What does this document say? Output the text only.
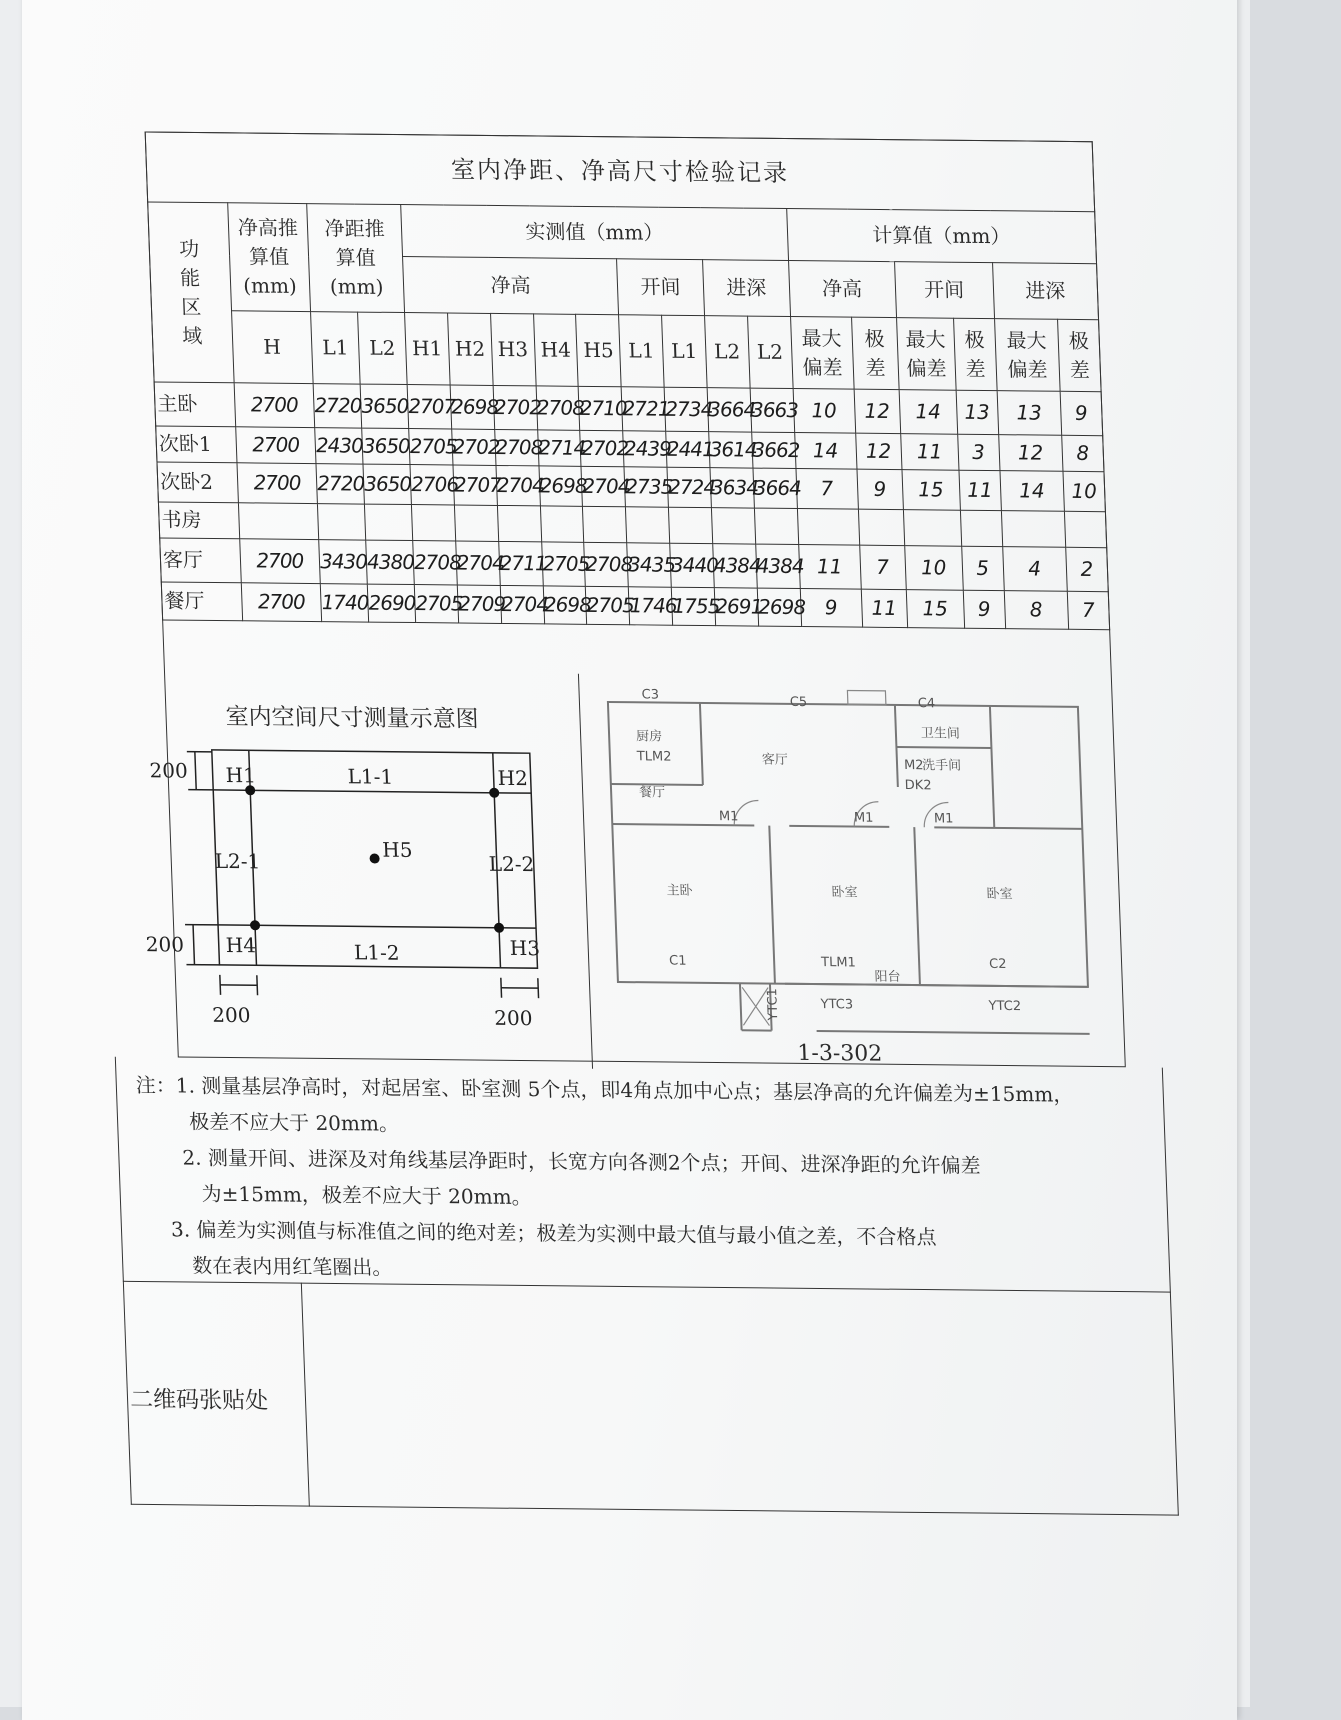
室内净距、净高尺寸检验记录																		
功能区域	净高推算值
(mm)	净距推算值
(mm)		实测值（mm）									计算值（mm）					
				净高					开间		进深		净高		开间		进深	
	H	L1	L2	H1	H2	H3	H4	H5	L1	L1	L2	L2	最大偏差	极差	最大偏差	极差	最大偏差	极差
主卧	2700	2720	3650	2707	2698	2702	2708	2710	2721	2734	3664	3663	10	12	14	13	13	9
次卧1	2700	2430	3650	2705	2702	2708	2714	2702	2439	2441	3614	3662	14	12	11	3	12	8
次卧2	2700	2720	3650	2706	2707	2704	2698	2704	2735	2724	3634	3664	7	9	15	11	14	10
书房																		
客厅	2700	3430	4380	2708	2704	2711	2705	2708	3435	3440	4384	4384	11	7	10	5	4	2
餐厅	2700	1740	2690	2705	2709	2704	2698	2705	1746	1755	2691	2698	9	11	15	9	8	7
室内空间尺寸测量示意图
200
200
200	200
H1	H2
H3
H4
H5
L1-1
L1-2
L2-1	L2-2
C3	C5	C4
厨房
TLM2	客厅
卫生间
M2
洗手间
DK2
餐厅
M1	M1	M1
主卧	卧室	卧室
C1	TLM1
阳台
C2
YTC3	YTC2
YTC1
1-3-302

注：1. 测量基层净高时，对起居室、卧室测 5个点，即4角点加中心点；基层净高的允许偏差为±15mm，

极差不应大于 20mm。

2. 测量开间、进深及对角线基层净距时，长宽方向各测2个点；开间、进深净距的允许偏差

为±15mm，极差不应大于 20mm。

3. 偏差为实测值与标准值之间的绝对差；极差为实测中最大值与最小值之差，不合格点

数在表内用红笔圈出。

二维码张贴处
